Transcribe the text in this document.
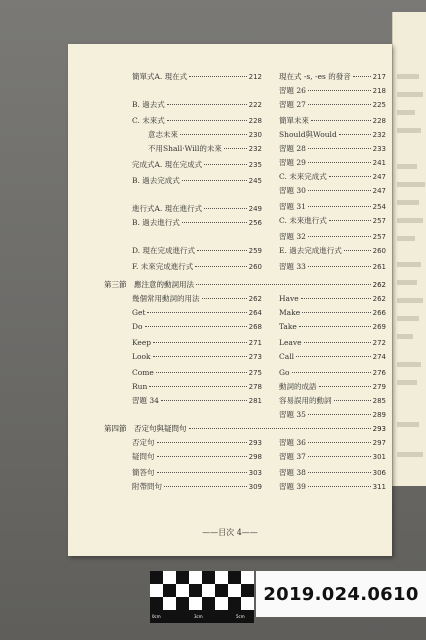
簡單式A. 現在式	212
B. 過去式	222
C. 未來式	228
意志未來	230
不用Shall‧Will的未來	232
完成式A. 現在完成式	235
B. 過去完成式	245
進行式A. 現在進行式	249
B. 過去進行式	256
D. 現在完成進行式	259
F. 未來完成進行式	260
現在式 -s, -es 的發音	217
習題 26	218
習題 27	225
簡單未來	228
Should與Would	232
習題 28	233
習題 29	241
C. 未來完成式	247
習題 30	247
習題 31	254
C. 未來進行式	257
習題 32	257
E. 過去完成進行式	260
習題 33	261
第三節　應注意的動詞用法	262
幾個常用動詞的用法	262
Get	264
Do	268
Keep	271
Look	273
Come	275
Run	278
習題 34	281
Have	262
Make	266
Take	269
Leave	272
Call	274
Go	276
動詞的成語	279
容易誤用的動詞	285
習題 35	289
第四節　否定句與疑問句	293
否定句	293
疑問句	298
簡答句	303
附帶問句	309
習題 36	297
習題 37	301
習題 38	306
習題 39	311
——目次 4——
0cm	3cm	5cm
2019.024.0610
